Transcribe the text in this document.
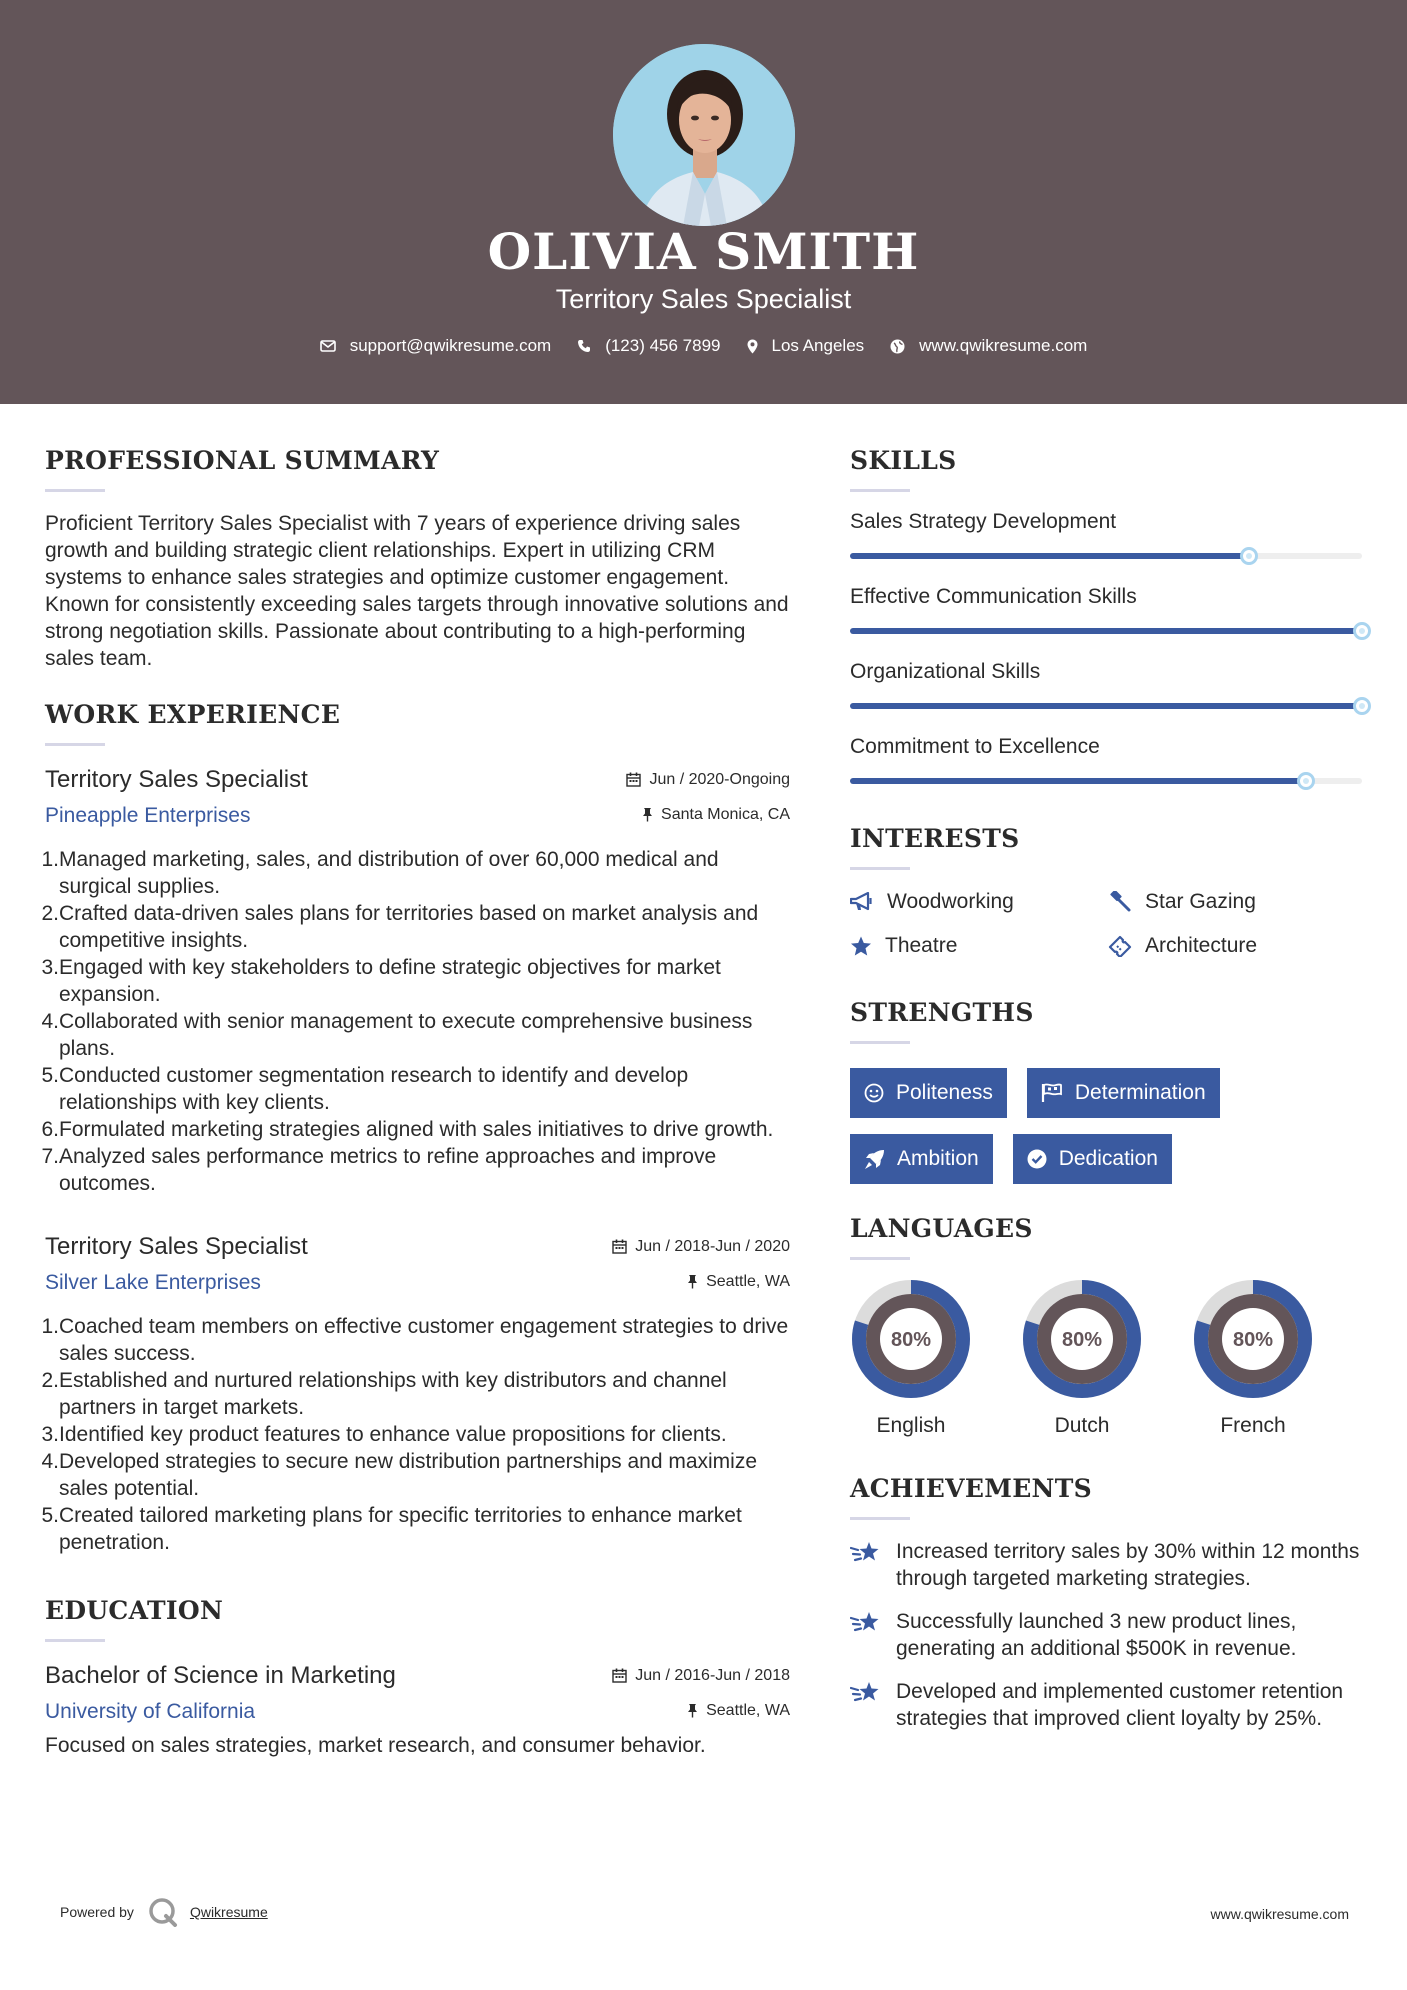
OLIVIA SMITH
Territory Sales Specialist
support@qwikresume.com	(123) 456 7899	Los Angeles	www.qwikresume.com
PROFESSIONAL SUMMARY
Proficient Territory Sales Specialist with 7 years of experience driving sales growth and building strategic client relationships. Expert in utilizing CRM systems to enhance sales strategies and optimize customer engagement. Known for consistently exceeding sales targets through innovative solutions and strong negotiation skills. Passionate about contributing to a high-performing sales team.
WORK EXPERIENCE
Territory Sales Specialist	Jun / 2020-Ongoing
Pineapple Enterprises	Santa Monica, CA
1. Managed marketing, sales, and distribution of over 60,000 medical and surgical supplies.
2. Crafted data-driven sales plans for territories based on market analysis and competitive insights.
3. Engaged with key stakeholders to define strategic objectives for market expansion.
4. Collaborated with senior management to execute comprehensive business plans.
5. Conducted customer segmentation research to identify and develop relationships with key clients.
6. Formulated marketing strategies aligned with sales initiatives to drive growth.
7. Analyzed sales performance metrics to refine approaches and improve outcomes.
Territory Sales Specialist	Jun / 2018-Jun / 2020
Silver Lake Enterprises	Seattle, WA
1. Coached team members on effective customer engagement strategies to drive sales success.
2. Established and nurtured relationships with key distributors and channel partners in target markets.
3. Identified key product features to enhance value propositions for clients.
4. Developed strategies to secure new distribution partnerships and maximize sales potential.
5. Created tailored marketing plans for specific territories to enhance market penetration.
EDUCATION
Bachelor of Science in Marketing	Jun / 2016-Jun / 2018
University of California	Seattle, WA
Focused on sales strategies, market research, and consumer behavior.
SKILLS
Sales Strategy Development
Effective Communication Skills
Organizational Skills
Commitment to Excellence
INTERESTS
Woodworking	Star Gazing
Theatre	Architecture
STRENGTHS
Politeness	Determination
Ambition	Dedication
LANGUAGES
80%
English
80%
Dutch
80%
French
ACHIEVEMENTS
Increased territory sales by 30% within 12 months through targeted marketing strategies.
Successfully launched 3 new product lines, generating an additional $500K in revenue.
Developed and implemented customer retention strategies that improved client loyalty by 25%.
Powered by	Qwikresume	www.qwikresume.com
